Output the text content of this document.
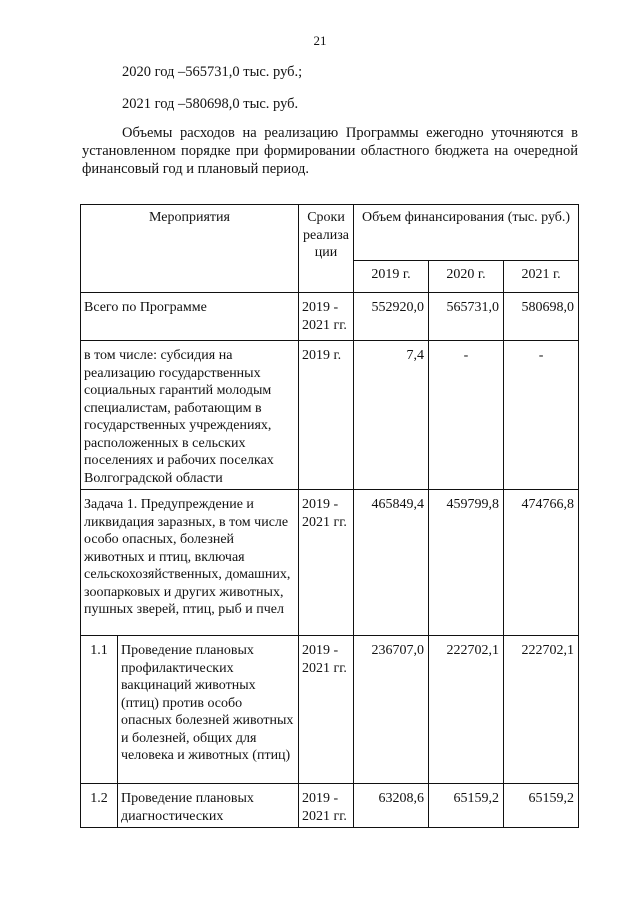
21
2020 год –565731,0 тыс. руб.;
2021 год –580698,0 тыс. руб.
Объемы расходов на реализацию Программы ежегодно уточняются в установленном порядке при формировании областного бюджета на очередной финансовый год и плановый период.
Мероприятия		Сроки реализа ции	Объем финансирования (тыс. руб.)		
			2019 г.	2020 г.	2021 г.
Всего по Программе		2019 - 2021 гг.	552920,0	565731,0	580698,0
в том числе: субсидия на реализацию государственных социальных гарантий молодым специалистам, работающим в государственных учреждениях, расположенных в сельских поселениях и рабочих поселках Волгоградской области		2019 г.	7,4	-	-
Задача 1. Предупреждение и ликвидация заразных, в том числе особо опасных, болезней животных и птиц, включая сельскохозяйственных, домашних, зоопарковых и других животных, пушных зверей, птиц, рыб и пчел		2019 - 2021 гг.	465849,4	459799,8	474766,8
1.1	Проведение плановых профилактических вакцинаций животных (птиц) против особо опасных болезней животных и болезней, общих для человека и животных (птиц)	2019 - 2021 гг.	236707,0	222702,1	222702,1
1.2	Проведение плановых диагностических	2019 - 2021 гг.	63208,6	65159,2	65159,2
